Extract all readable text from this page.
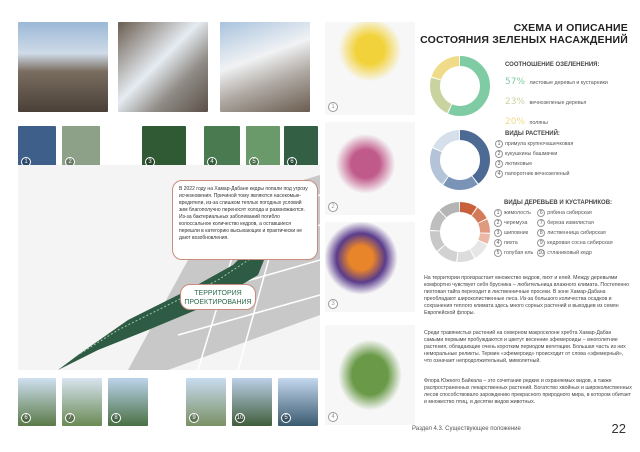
1	2	3	4	5	6
В 2022 году на Хамар-Дабане кедры попали под угрозу исчезновения. Причиной тому являются насекомые-вредители, из-за слишком теплых погодных условий зим благополучно переносят холода и размножаются. Из-за бактериальных заболеваний погибло колоссальное количество кедров, а оставшиеся перешли в категорию высыхающих и практически не дают возобновления.
ТЕРРИТОРИЯ ПРОЕКТИРОВАНИЯ
6	7	8	9	10	5
1
2
3
4
СХЕМА И ОПИСАНИЕ
СОСТОЯНИЯ ЗЕЛЕНЫХ НАСАЖДЕНИЙ
СООТНОШЕНИЕ ОЗЕЛЕНЕНИЯ:
57% листовые деревья и кустарники
23% вечнозеленые деревья
20% поляны
ВИДЫ РАСТЕНИЙ:
1 примула крупночашечковая
2 кукушкины башмачки
3 лютиковые
4 папоротник вечнозеленый
ВИДЫ ДЕРЕВЬЕВ И КУСТАРНИКОВ:
1 жимолость
2 черемуха
3 шиповник
4 пихта
5 голубая ель
6 рябина сибирская
7 береза извилистая
8 лиственница сибирская
9 кедровая сосна сибирская
10 стланиковый кедр
На территории произрастает множество кедров, пихт и елей. Между деревьями комфортно чувствует себя брусника – любительница влажного климата. Постепенно пихтовая тайга переходит в лиственничные просеки. В зоне Хамар-Дабана преобладают широколиственные леса. Из-за большого количества осадков и сохранения теплого климата здесь много сорных растений и выходцев из семян Европейской флоры.
Среди травянистых растений на северном макросклоне хребта Хамар-Дабан самыми первыми пробуждаются и цветут весенние эфемероиды – многолетние растения, обладающие очень коротким периодом вегетации. Большая часть из них неморальные реликты. Термин «эфемероид» происходит от слова «эфемерный», что означает непродолжительный, мимолетный.
Флора Южного Байкала – это сочетание редких и охраняемых видов, а также распространенных лекарственных растений. Богатство хвойных и широколиственных лесов способствовало зарождению прекрасного природного мира, в котором обитает и множество птиц, и десятки видов животных.
Раздел 4.3. Существующее положение	22
